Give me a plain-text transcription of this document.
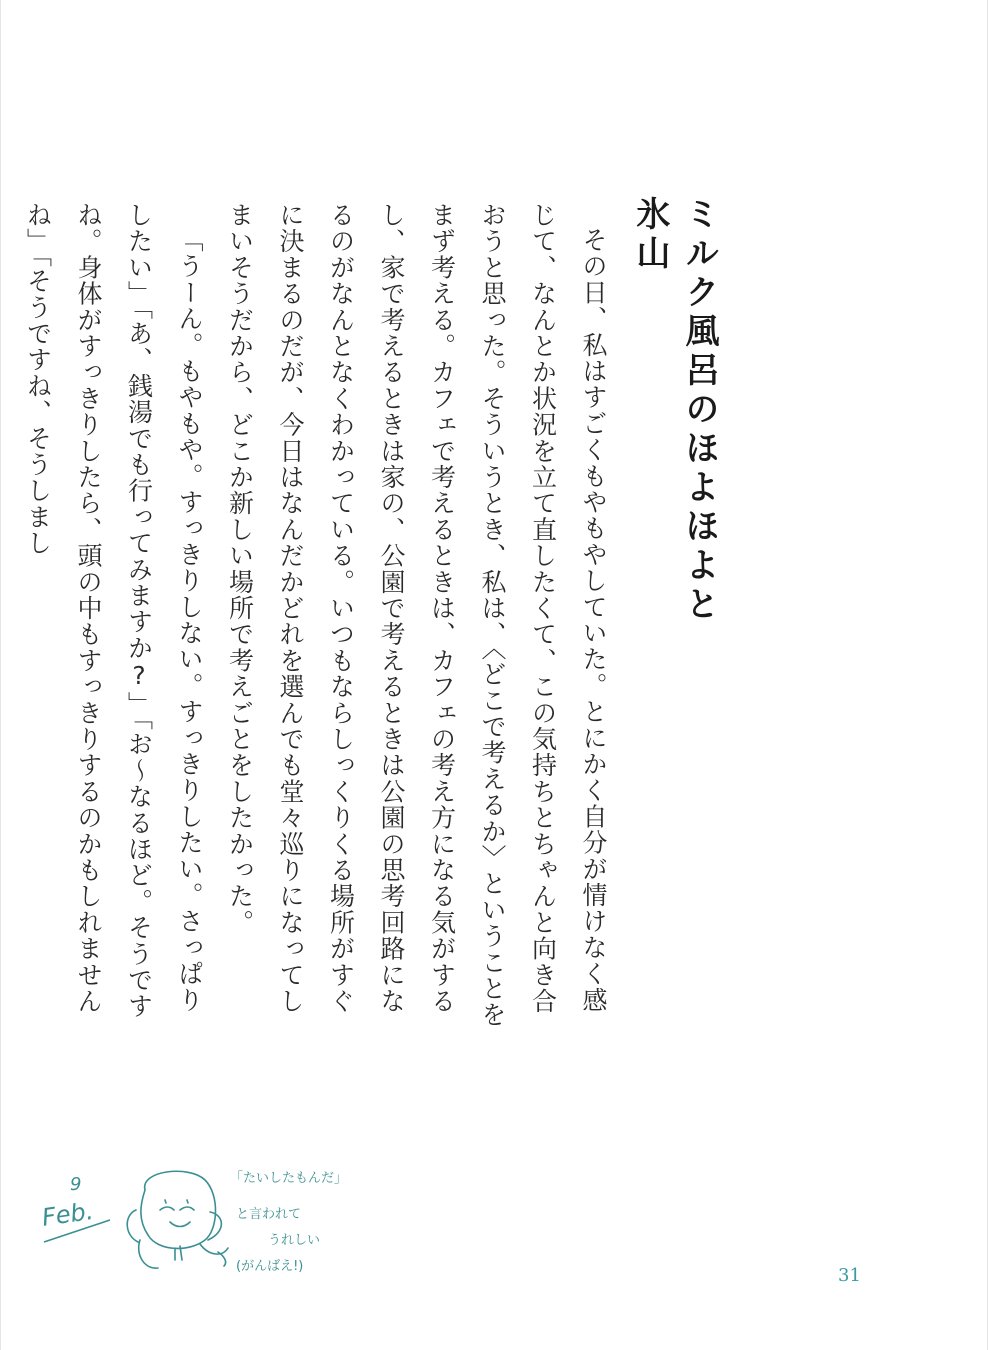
ミルク風呂のほよほよと氷山

その日、私はすごくもやもやしていた。とにかく自分が情けなく感じて、なんとか状況を立て直したくて、この気持ちとちゃんと向き合おうと思った。そういうとき、私は、〈どこで考えるか〉ということをまず考える。カフェで考えるときは、カフェの考え方になる気がするし、家で考えるときは家の、公園で考えるときは公園の思考回路になるのがなんとなくわかっている。いつもならしっくりくる場所がすぐに決まるのだが、今日はなんだかどれを選んでも堂々巡りになってしまいそうだから、どこか新しい場所で考えごとをしたかった。

「うーん。もやもや。すっきりしない。すっきりしたい。さっぱりしたい」「あ、銭湯でも行ってみますか?」「お〜なるほど。そうですね。身体がすっきりしたら、頭の中もすっきりするのかもしれませんね」「そうですね、そうしまし

9
Feb.
「たいしたもんだ」
と言われて
うれしい
(がんばえ!)	31
